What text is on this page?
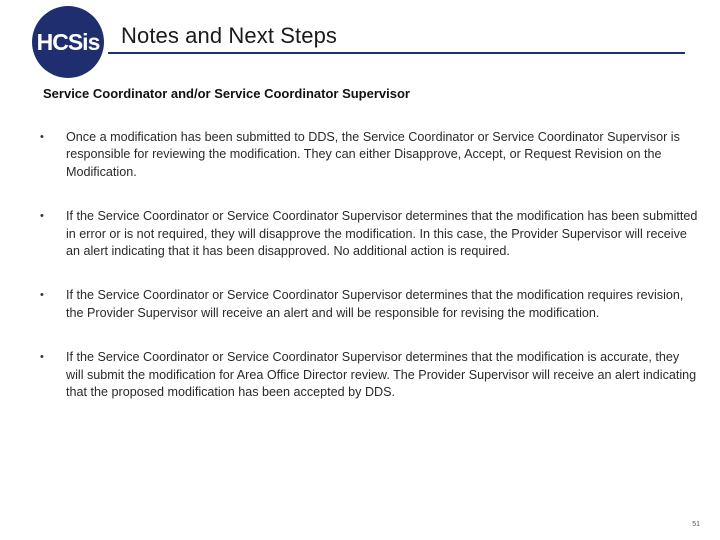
HCSis Notes and Next Steps
Service Coordinator and/or Service Coordinator Supervisor
• Once a modification has been submitted to DDS, the Service Coordinator or Service Coordinator Supervisor is responsible for reviewing the modification. They can either Disapprove, Accept, or Request Revision on the Modification.
• If the Service Coordinator or Service Coordinator Supervisor determines that the modification has been submitted in error or is not required, they will disapprove the modification. In this case, the Provider Supervisor will receive an alert indicating that it has been disapproved. No additional action is required.
• If the Service Coordinator or Service Coordinator Supervisor determines that the modification requires revision, the Provider Supervisor will receive an alert and will be responsible for revising the modification.
• If the Service Coordinator or Service Coordinator Supervisor determines that the modification is accurate, they will submit the modification for Area Office Director review. The Provider Supervisor will receive an alert indicating that the proposed modification has been accepted by DDS.
51
